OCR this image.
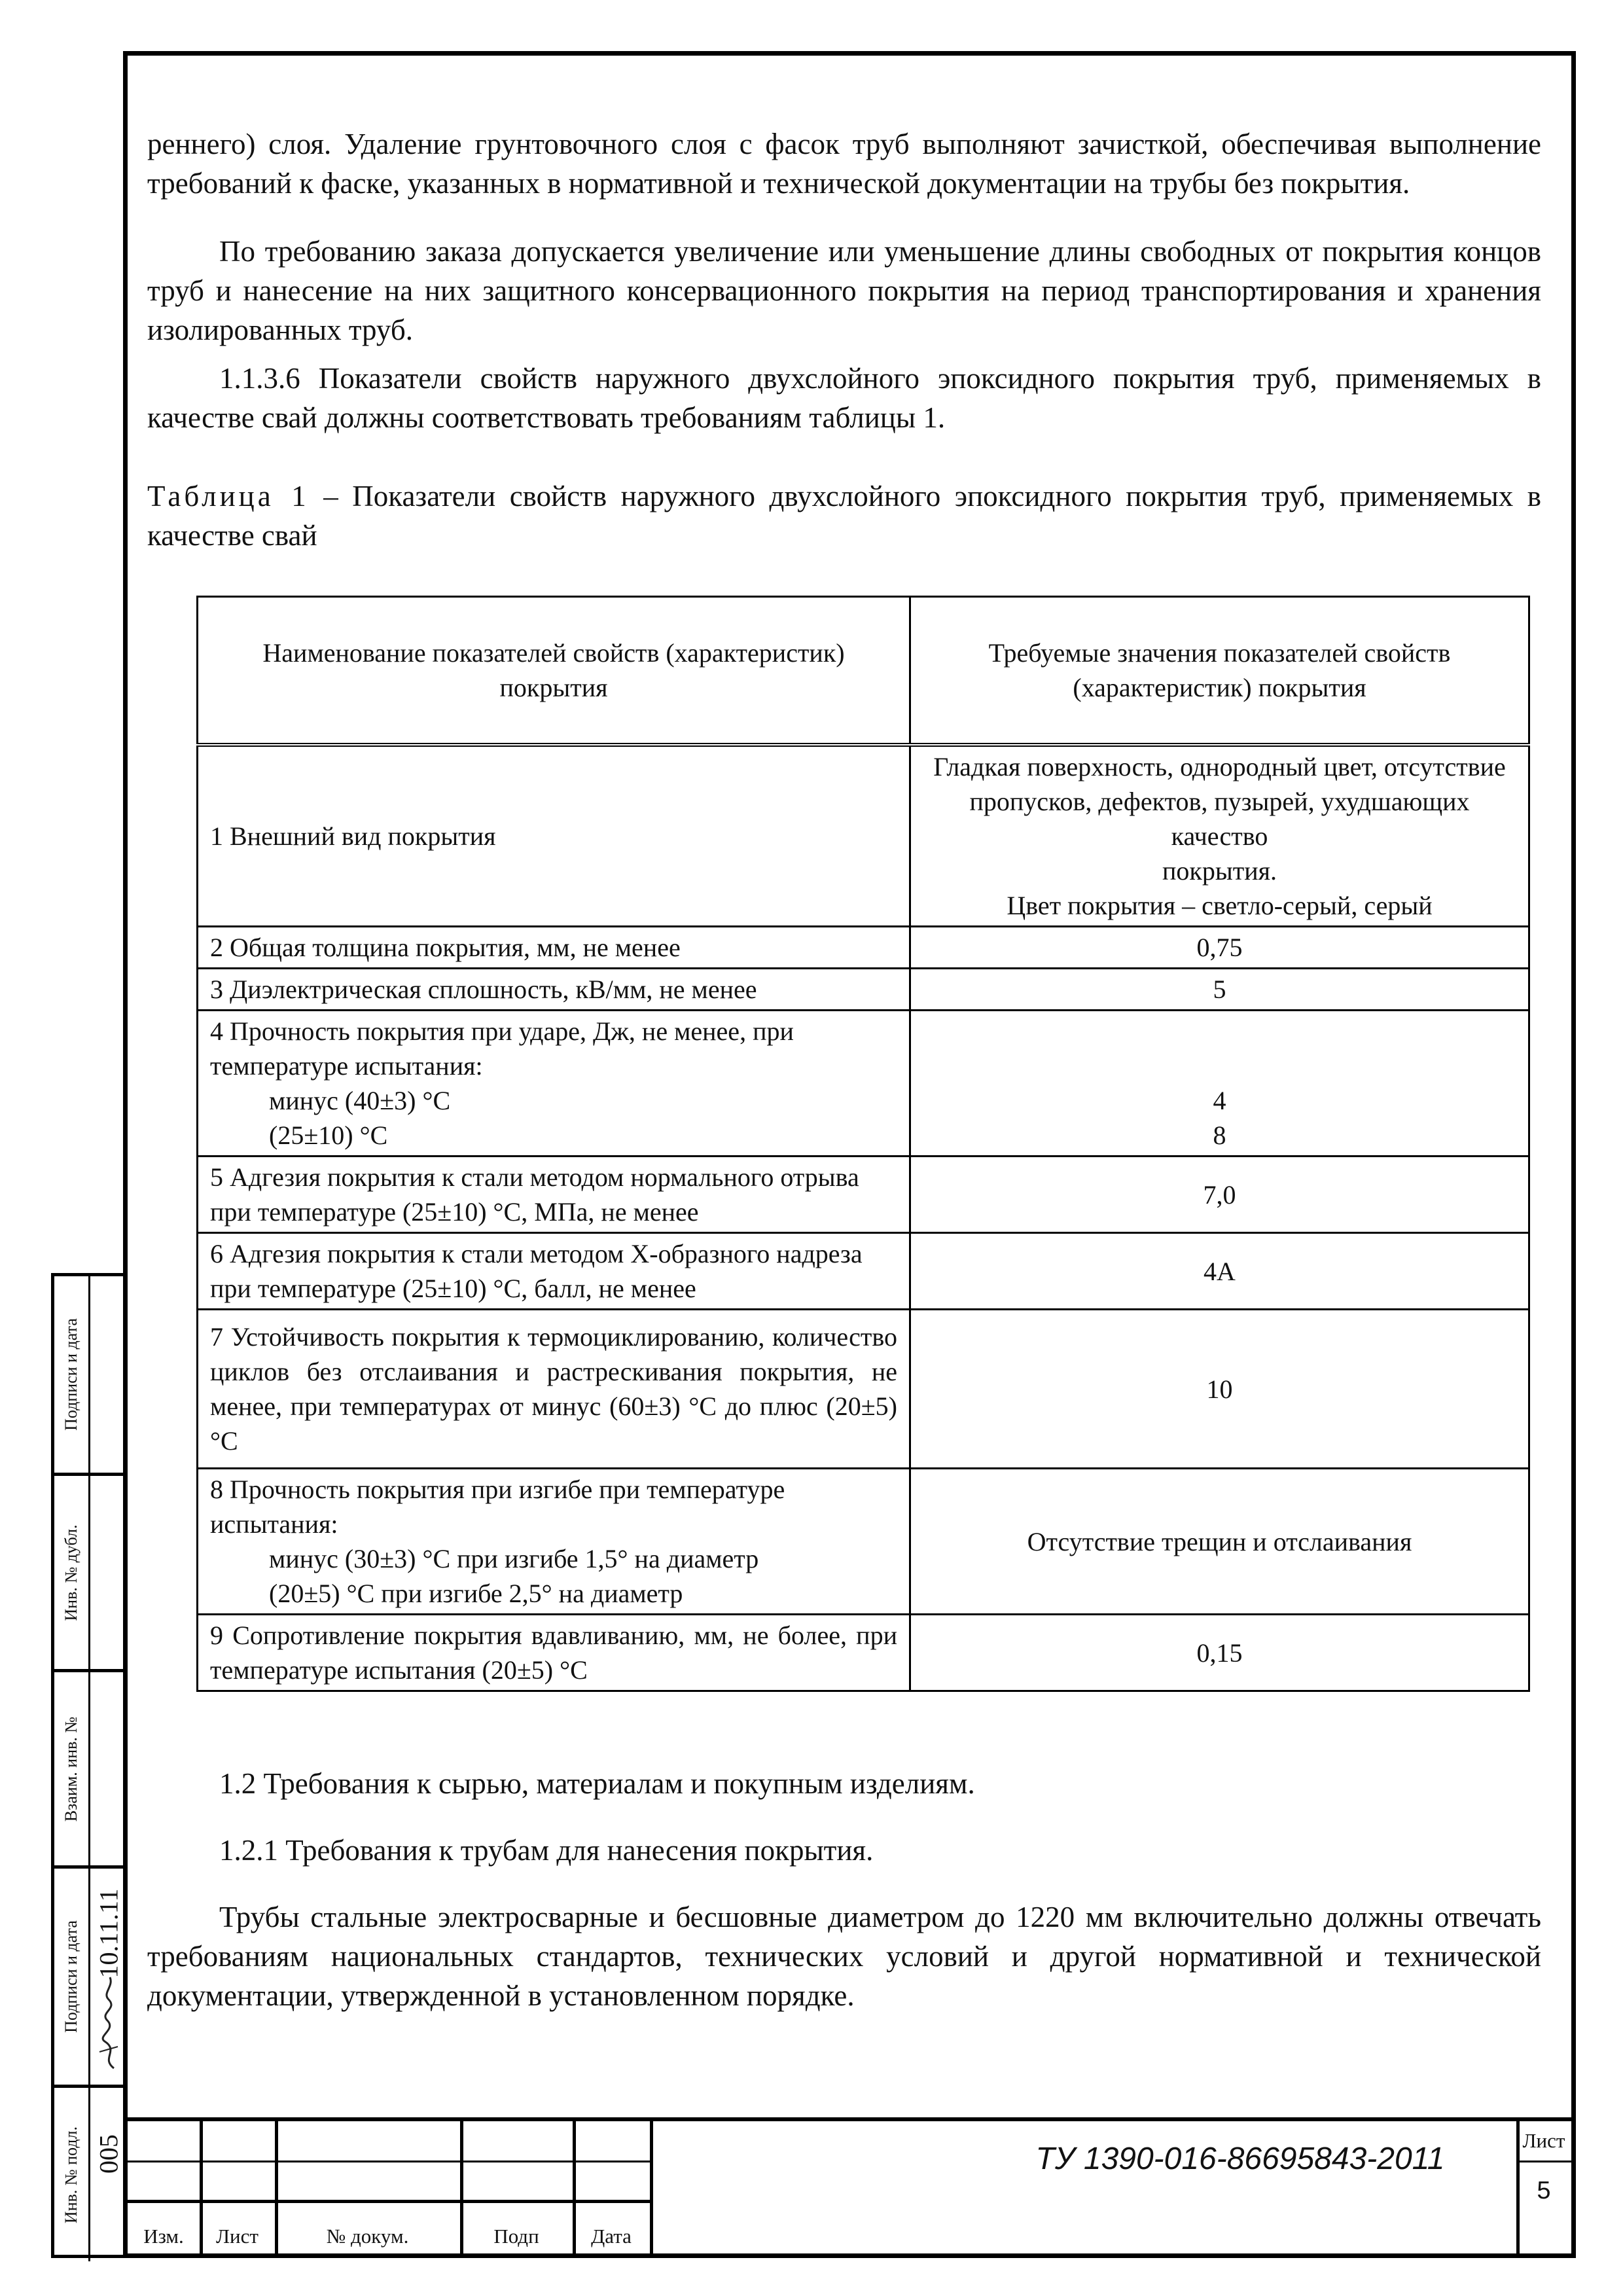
реннего) слоя. Удаление грунтовочного слоя с фасок труб выполняют зачисткой, обеспечивая выполнение требований к фаске, указанных в нормативной и технической документации на трубы без покрытия.

По требованию заказа допускается увеличение или уменьшение длины свободных от покрытия концов труб и нанесение на них защитного консервационного покрытия на период транспортирования и хранения изолированных труб.

1.1.3.6 Показатели свойств наружного двухслойного эпоксидного покрытия труб, применяемых в качестве свай должны соответствовать требованиям таблицы 1.

Таблица 1 – Показатели свойств наружного двухслойного эпоксидного покрытия труб, применяемых в качестве свай

Наименование показателей свойств (характеристик) покрытия	Требуемые значения показателей свойств (характеристик) покрытия
1 Внешний вид покрытия	Гладкая поверхность, однородный цвет, отсутствие пропусков, дефектов, пузырей, ухудшающих качество
покрытия.
Цвет покрытия – светло-серый, серый
2 Общая толщина покрытия, мм, не менее	0,75
3 Диэлектрическая сплошность, кВ/мм, не менее	5
4 Прочность покрытия при ударе, Дж, не менее, при температуре испытания:
минус (40±3) °С
(25±10) °С	4
8
5 Адгезия покрытия к стали методом нормального отрыва при температуре (25±10) °С, МПа, не менее	7,0
6 Адгезия покрытия к стали методом Х-образного надреза при температуре (25±10) °С, балл, не менее	4А
7 Устойчивость покрытия к термоциклированию, количество циклов без отслаивания и растрескивания покрытия, не менее, при температурах от минус (60±3) °С до плюс (20±5) °С	10
8 Прочность покрытия при изгибе при температуре испытания:
минус (30±3) °С при изгибе 1,5° на диаметр
(20±5) °С при изгибе 2,5° на диаметр	Отсутствие трещин и отслаивания
9 Сопротивление покрытия вдавливанию, мм, не более, при температуре испытания (20±5) °С	0,15

1.2 Требования к сырью, материалам и покупным изделиям.

1.2.1 Требования к трубам для нанесения покрытия.

Трубы стальные электросварные и бесшовные диаметром до 1220 мм включительно должны отвечать требованиям национальных стандартов, технических условий и другой нормативной и технической документации, утвержденной в установленном порядке.

Подписи и дата
Инв. № дубл.
Взаим. инв. №
Подписи и дата 10.11.11
Инв. № подл. 005
Изм.	Лист	№ докум.	Подп	Дата
ТУ 1390-016-86695843-2011
Лист
5
